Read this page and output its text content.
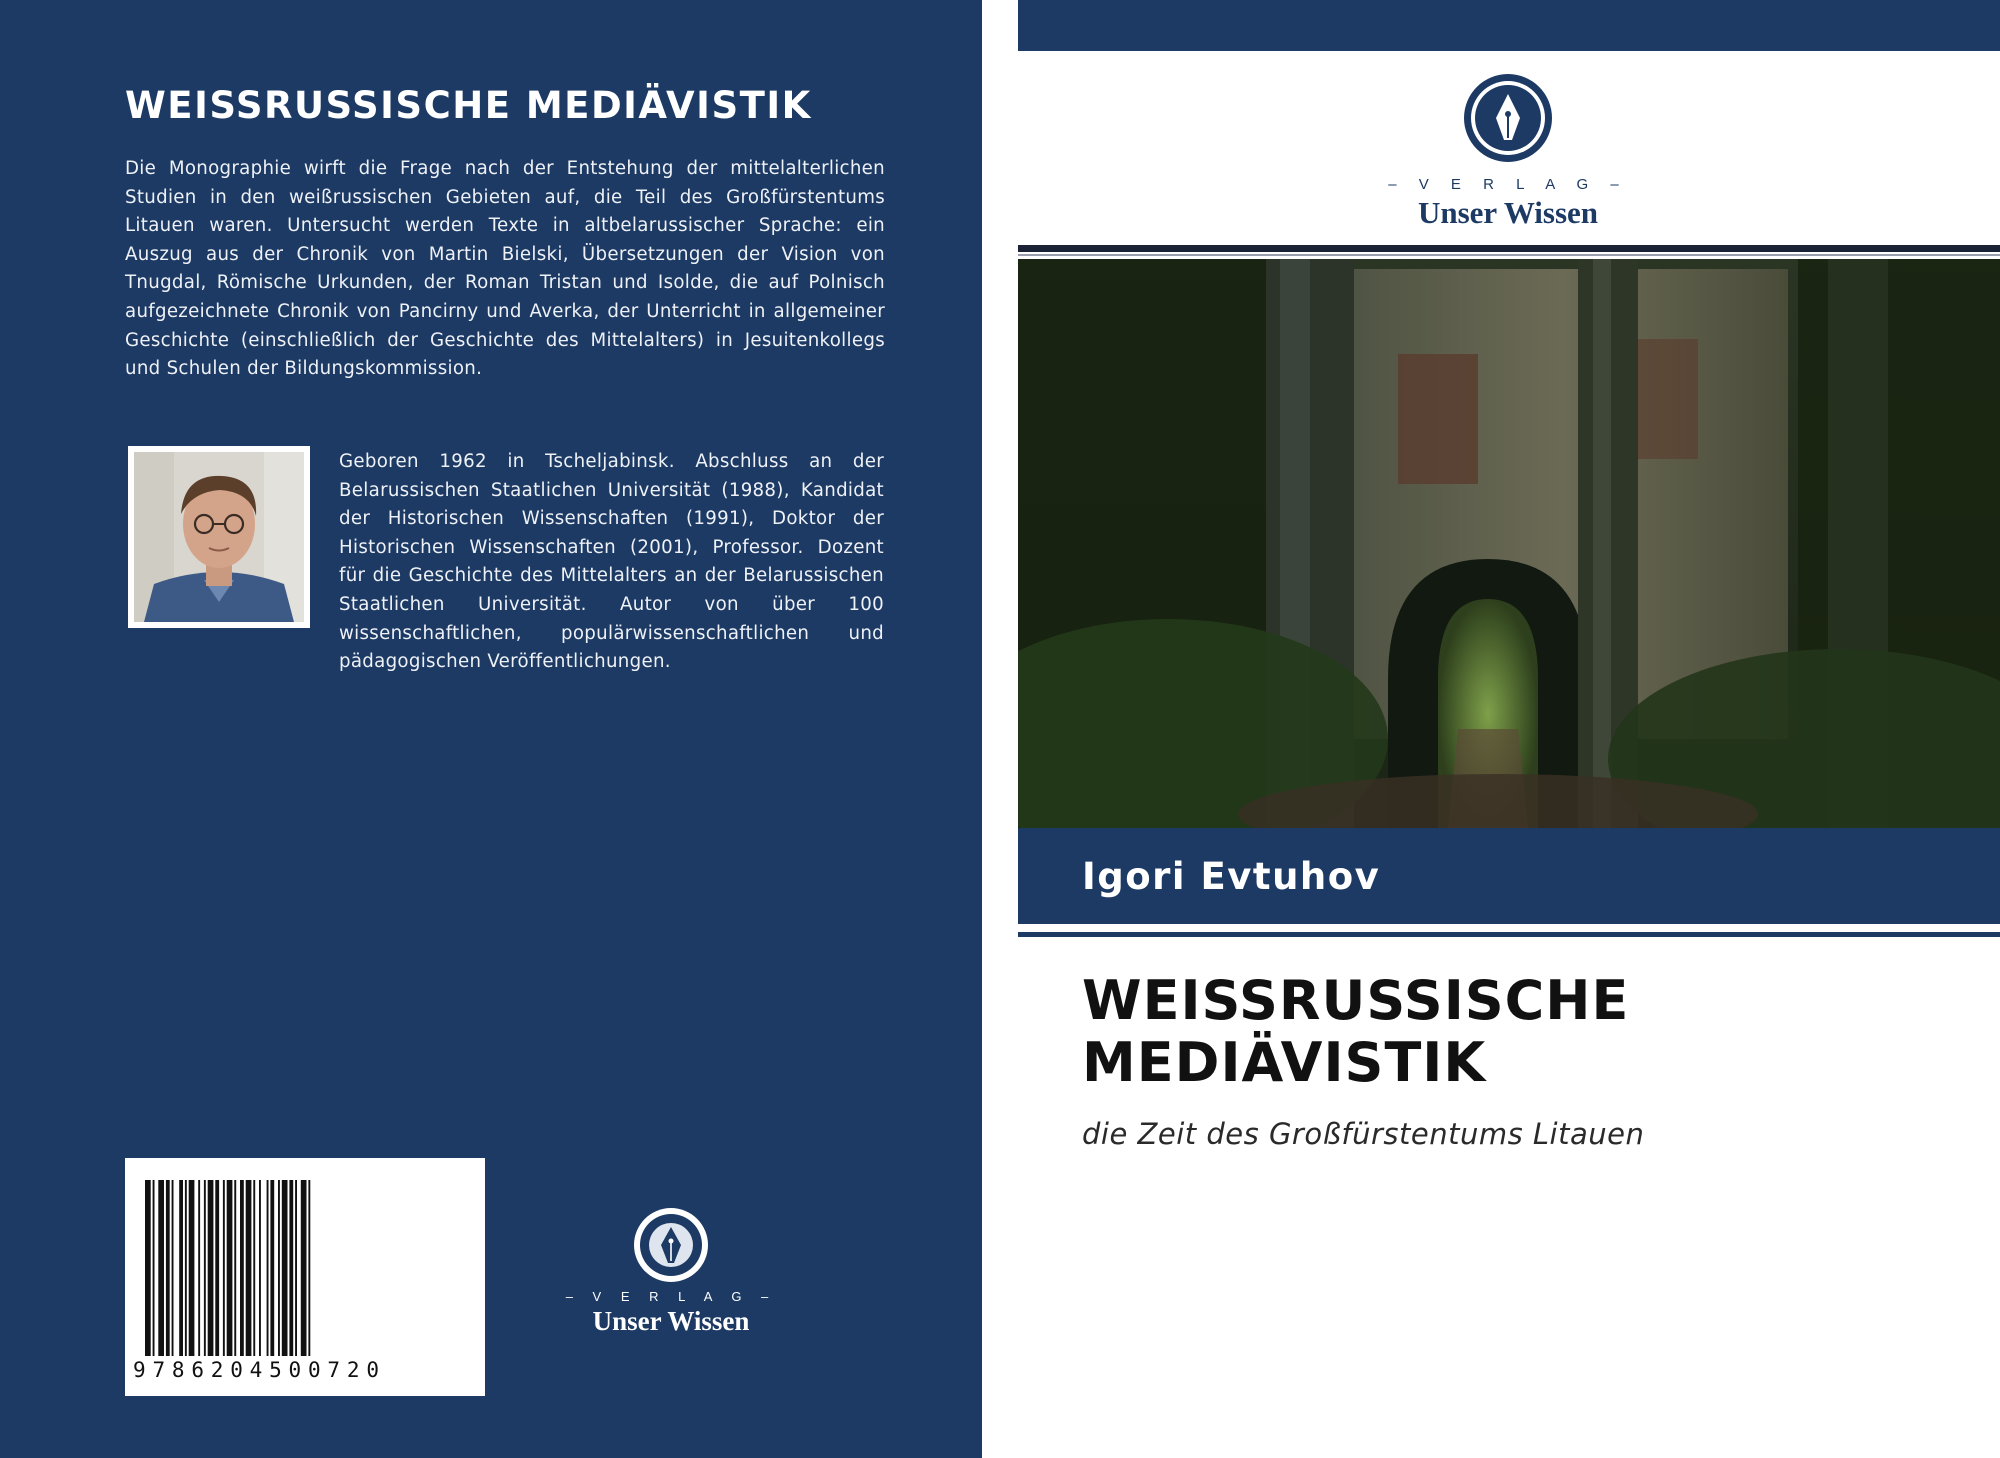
WEISSRUSSISCHE MEDIÄVISTIK
Die Monographie wirft die Frage nach der Entstehung der mittelalterlichen Studien in den weißrussischen Gebieten auf, die Teil des Großfürstentums Litauen waren. Untersucht werden Texte in altbelarussischer Sprache: ein Auszug aus der Chronik von Martin Bielski, Übersetzungen der Vision von Tnugdal, Römische Urkunden, der Roman Tristan und Isolde, die auf Polnisch aufgezeichnete Chronik von Pancirny und Averka, der Unterricht in allgemeiner Geschichte (einschließlich der Geschichte des Mittelalters) in Jesuitenkollegs und Schulen der Bildungskommission.
Geboren 1962 in Tscheljabinsk. Abschluss an der Belarussischen Staatlichen Universität (1988), Kandidat der Historischen Wissenschaften (1991), Doktor der Historischen Wissenschaften (2001), Professor. Dozent für die Geschichte des Mittelalters an der Belarussischen Staatlichen Universität. Autor von über 100 wissenschaftlichen, populärwissenschaftlichen und pädagogischen Veröffentlichungen.
9786204500720
– V E R L A G –
Unser Wissen
– V E R L A G –
Unser Wissen
Igori Evtuhov
WEISSRUSSISCHE
MEDIÄVISTIK
die Zeit des Großfürstentums Litauen
